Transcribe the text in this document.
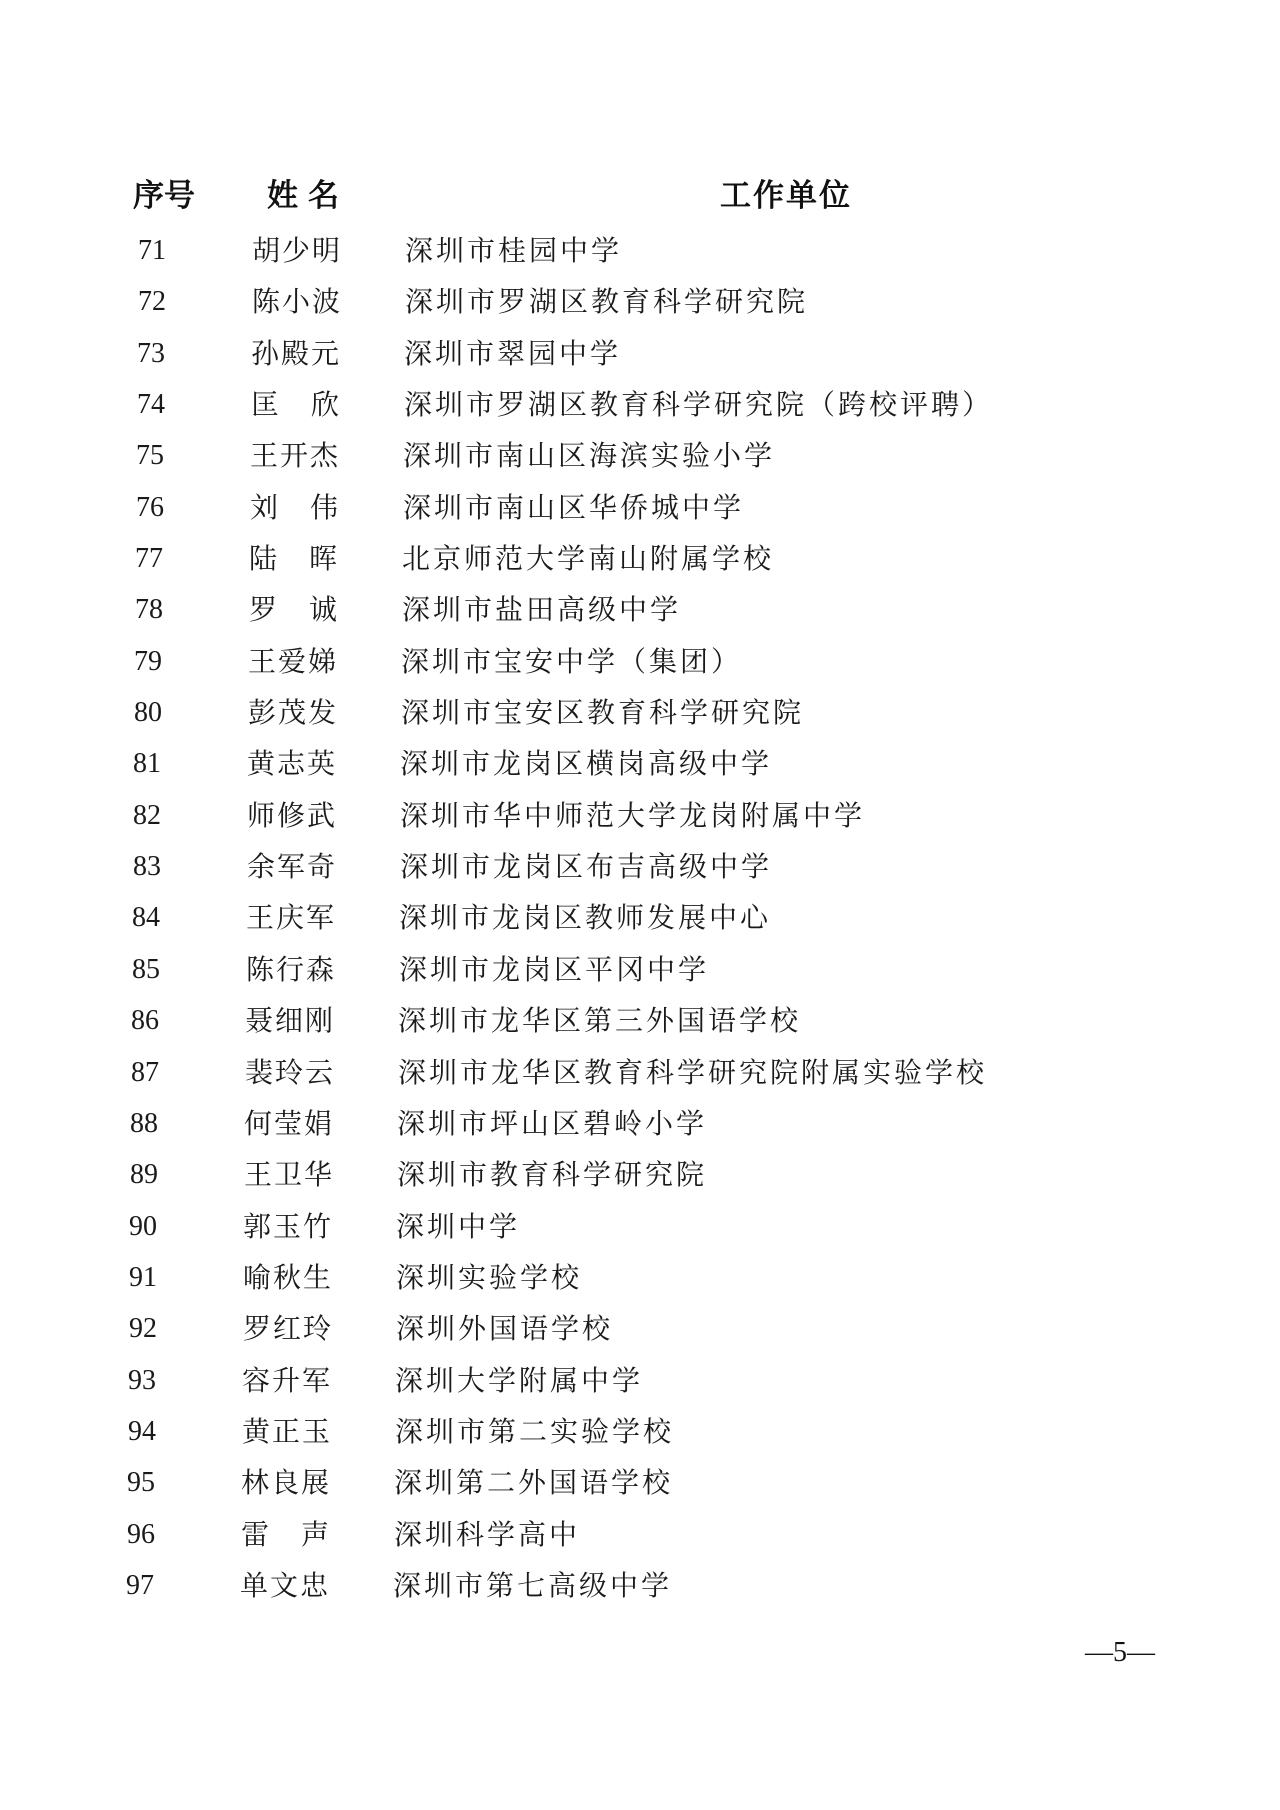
序号 姓名	工作单位
71	胡少明	深圳市桂园中学
72	陈小波	深圳市罗湖区教育科学研究院
73	孙殿元	深圳市翠园中学
74	匡　欣	深圳市罗湖区教育科学研究院（跨校评聘）
75	王开杰	深圳市南山区海滨实验小学
76	刘　伟	深圳市南山区华侨城中学
77	陆　晖	北京师范大学南山附属学校
78	罗　诚	深圳市盐田高级中学
79	王爱娣	深圳市宝安中学（集团）
80	彭茂发	深圳市宝安区教育科学研究院
81	黄志英	深圳市龙岗区横岗高级中学
82	师修武	深圳市华中师范大学龙岗附属中学
83	余军奇	深圳市龙岗区布吉高级中学
84	王庆军	深圳市龙岗区教师发展中心
85	陈行森	深圳市龙岗区平冈中学
86	聂细刚	深圳市龙华区第三外国语学校
87	裴玲云	深圳市龙华区教育科学研究院附属实验学校
88	何莹娟	深圳市坪山区碧岭小学
89	王卫华	深圳市教育科学研究院
90	郭玉竹	深圳中学
91	喻秋生	深圳实验学校
92	罗红玲	深圳外国语学校
93	容升军	深圳大学附属中学
94	黄正玉	深圳市第二实验学校
95	林良展	深圳第二外国语学校
96	雷　声	深圳科学高中
97	单文忠	深圳市第七高级中学
—5—
